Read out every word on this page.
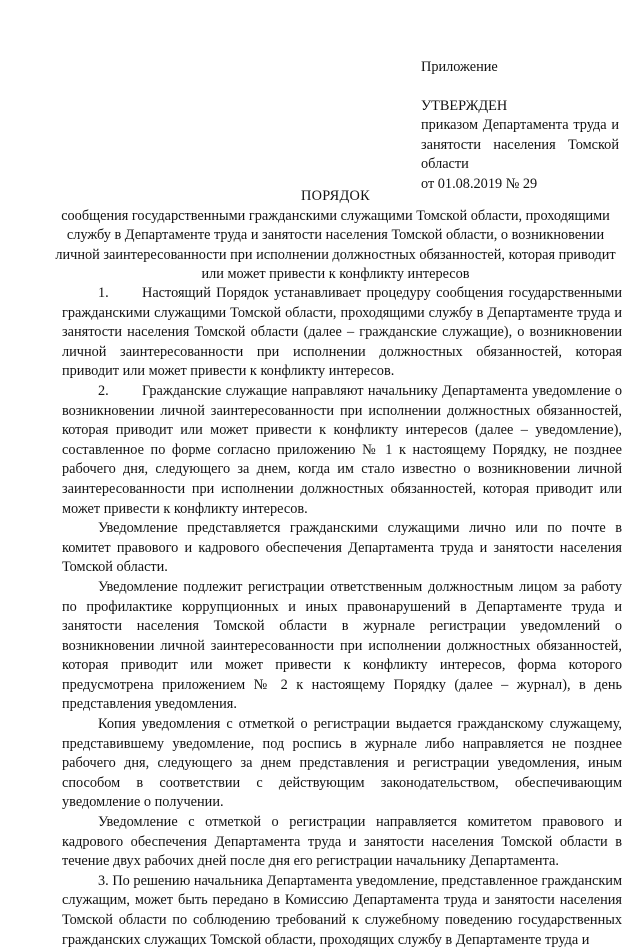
Приложение

УТВЕРЖДЕН

приказом Департамента труда и занятости населения Томской области

от 01.08.2019 № 29

ПОРЯДОК

сообщения государственными гражданскими служащими Томской области, проходящими службу в Департаменте труда и занятости населения Томской области, о возникновении личной заинтересованности при исполнении должностных обязанностей, которая приводит или может привести к конфликту интересов

1. Настоящий Порядок устанавливает процедуру сообщения государственными гражданскими служащими Томской области, проходящими службу в Департаменте труда и занятости населения Томской области (далее – гражданские служащие), о возникновении личной заинтересованности при исполнении должностных обязанностей, которая приводит или может привести к конфликту интересов.

2. Гражданские служащие направляют начальнику Департамента уведомление о возникновении личной заинтересованности при исполнении должностных обязанностей, которая приводит или может привести к конфликту интересов (далее – уведомление), составленное по форме согласно приложению № 1 к настоящему Порядку, не позднее рабочего дня, следующего за днем, когда им стало известно о возникновении личной заинтересованности при исполнении должностных обязанностей, которая приводит или может привести к конфликту интересов.

Уведомление представляется гражданскими служащими лично или по почте в комитет правового и кадрового обеспечения Департамента труда и занятости населения Томской области.

Уведомление подлежит регистрации ответственным должностным лицом за работу по профилактике коррупционных и иных правонарушений в Департаменте труда и занятости населения Томской области в журнале регистрации уведомлений о возникновении личной заинтересованности при исполнении должностных обязанностей, которая приводит или может привести к конфликту интересов, форма которого предусмотрена приложением № 2 к настоящему Порядку (далее – журнал), в день представления уведомления.

Копия уведомления с отметкой о регистрации выдается гражданскому служащему, представившему уведомление, под роспись в журнале либо направляется не позднее рабочего дня, следующего за днем представления и регистрации уведомления, иным способом в соответствии с действующим законодательством, обеспечивающим уведомление о получении.

Уведомление с отметкой о регистрации направляется комитетом правового и кадрового обеспечения Департамента труда и занятости населения Томской области в течение двух рабочих дней после дня его регистрации начальнику Департамента.

3. По решению начальника Департамента уведомление, представленное гражданским служащим, может быть передано в Комиссию Департамента труда и занятости населения Томской области по соблюдению требований к служебному поведению государственных гражданских служащих Томской области, проходящих службу в Департаменте труда и
